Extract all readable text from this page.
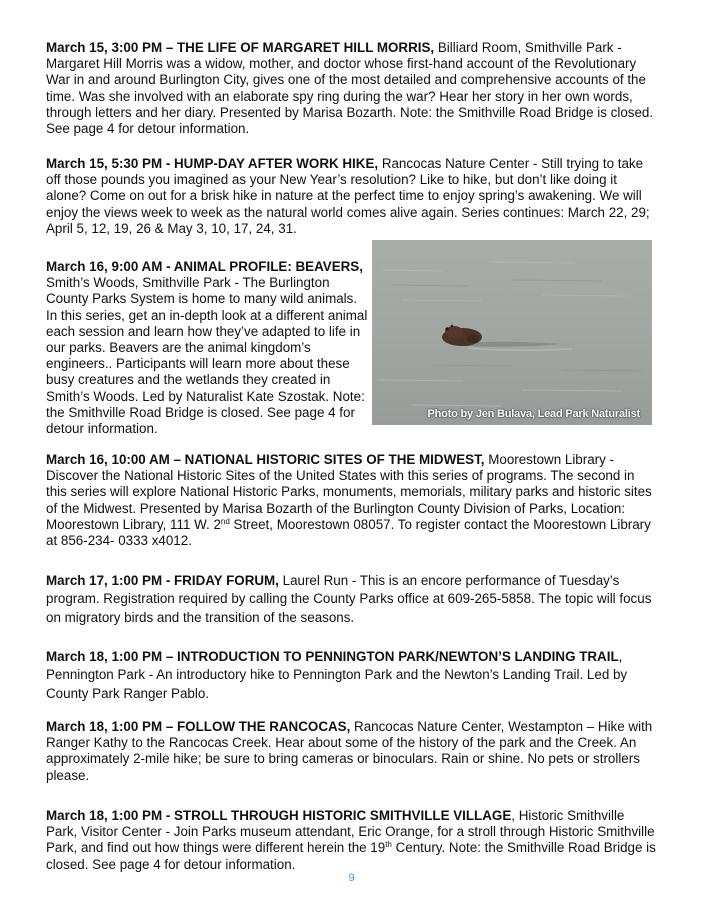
March 15, 3:00 PM – THE LIFE OF MARGARET HILL MORRIS, Billiard Room, Smithville Park - Margaret Hill Morris was a widow, mother, and doctor whose first-hand account of the Revolutionary War in and around Burlington City, gives one of the most detailed and comprehensive accounts of the time. Was she involved with an elaborate spy ring during the war? Hear her story in her own words, through letters and her diary. Presented by Marisa Bozarth. Note: the Smithville Road Bridge is closed. See page 4 for detour information.

March 15, 5:30 PM - HUMP-DAY AFTER WORK HIKE, Rancocas Nature Center - Still trying to take off those pounds you imagined as your New Year’s resolution? Like to hike, but don’t like doing it alone? Come on out for a brisk hike in nature at the perfect time to enjoy spring’s awakening. We will enjoy the views week to week as the natural world comes alive again. Series continues: March 22, 29; April 5, 12, 19, 26 & May 3, 10, 17, 24, 31.

March 16, 9:00 AM - ANIMAL PROFILE: BEAVERS, Smith’s Woods, Smithville Park - The Burlington County Parks System is home to many wild animals. In this series, get an in-depth look at a different animal each session and learn how they’ve adapted to life in our parks. Beavers are the animal kingdom’s engineers.. Participants will learn more about these busy creatures and the wetlands they created in Smith’s Woods. Led by Naturalist Kate Szostak. Note: the Smithville Road Bridge is closed. See page 4 for detour information.

Photo by Jen Bulava, Lead Park Naturalist

March 16, 10:00 AM – NATIONAL HISTORIC SITES OF THE MIDWEST, Moorestown Library - Discover the National Historic Sites of the United States with this series of programs. The second in this series will explore National Historic Parks, monuments, memorials, military parks and historic sites of the Midwest. Presented by Marisa Bozarth of the Burlington County Division of Parks, Location: Moorestown Library, 111 W. 2nd Street, Moorestown 08057. To register contact the Moorestown Library at 856-234- 0333 x4012.

March 17, 1:00 PM - FRIDAY FORUM, Laurel Run - This is an encore performance of Tuesday’s program. Registration required by calling the County Parks office at 609-265-5858. The topic will focus on migratory birds and the transition of the seasons.

March 18, 1:00 PM – INTRODUCTION TO PENNINGTON PARK/NEWTON’S LANDING TRAIL, Pennington Park - An introductory hike to Pennington Park and the Newton’s Landing Trail. Led by County Park Ranger Pablo.

March 18, 1:00 PM – FOLLOW THE RANCOCAS, Rancocas Nature Center, Westampton – Hike with Ranger Kathy to the Rancocas Creek. Hear about some of the history of the park and the Creek. An approximately 2-mile hike; be sure to bring cameras or binoculars. Rain or shine. No pets or strollers please.

March 18, 1:00 PM - STROLL THROUGH HISTORIC SMITHVILLE VILLAGE, Historic Smithville Park, Visitor Center - Join Parks museum attendant, Eric Orange, for a stroll through Historic Smithville Park, and find out how things were different herein the 19th Century. Note: the Smithville Road Bridge is closed. See page 4 for detour information.

9
